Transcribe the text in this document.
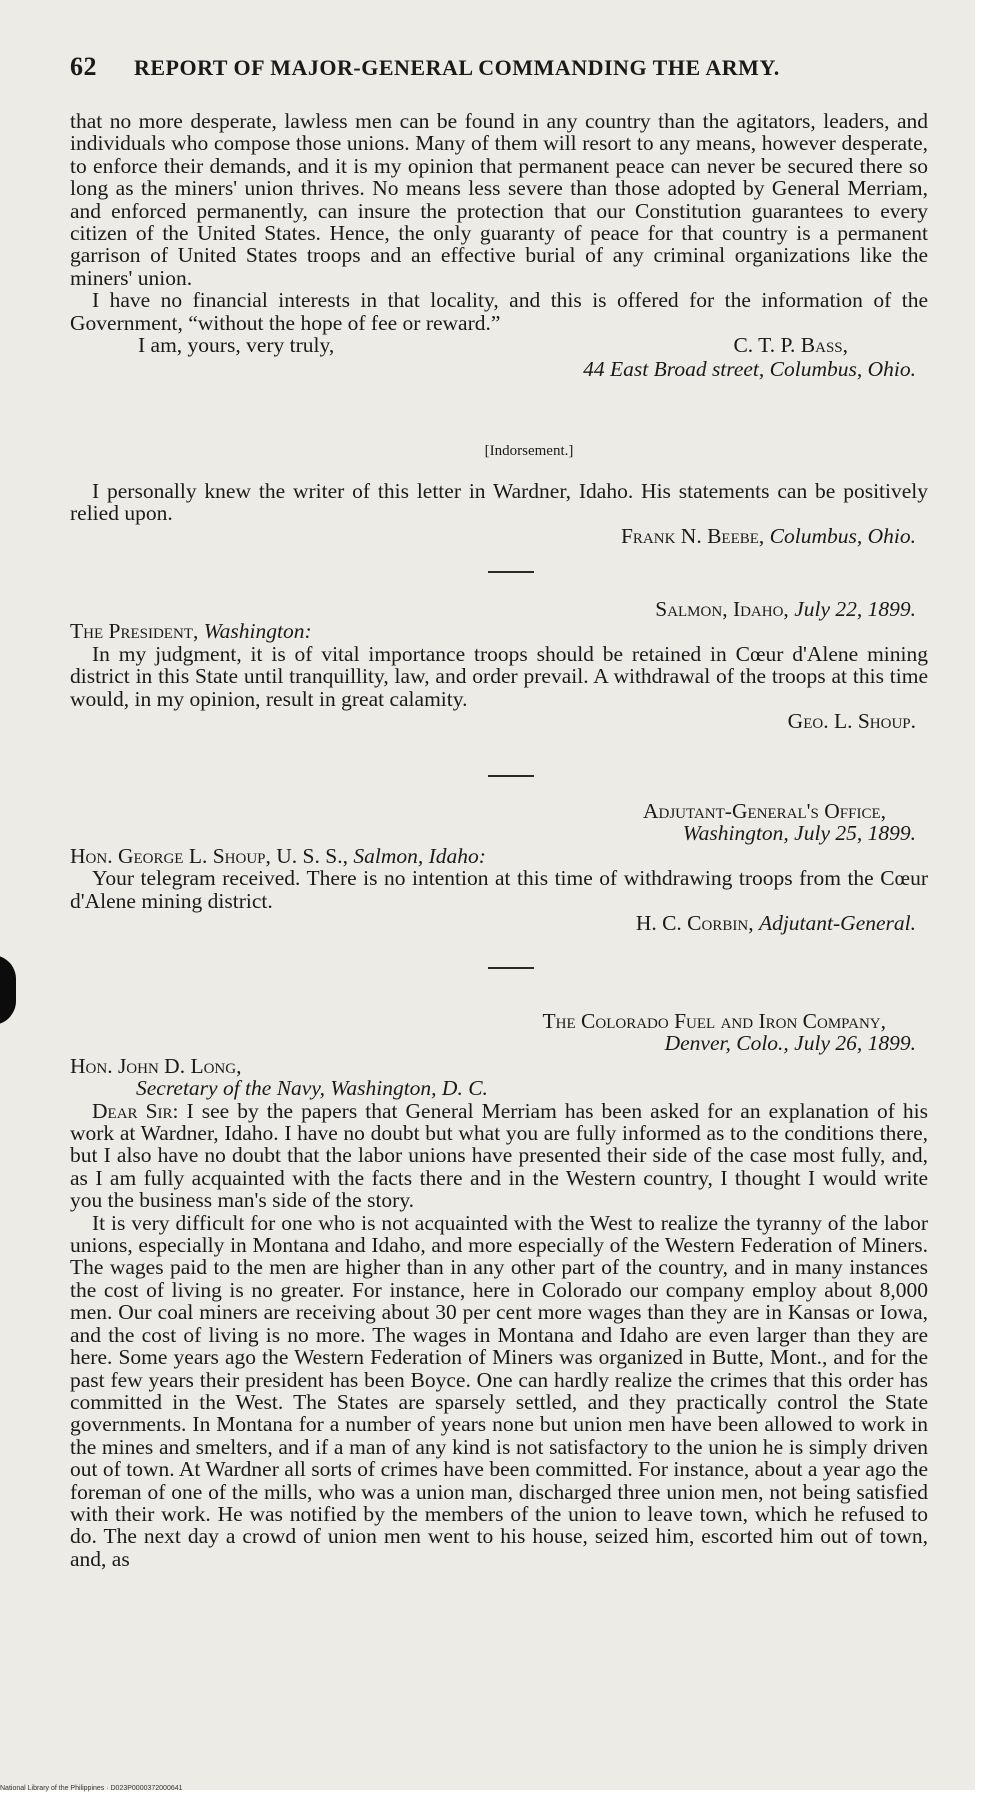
62 REPORT OF MAJOR-GENERAL COMMANDING THE ARMY.

that no more desperate, lawless men can be found in any country than the agitators, leaders, and individuals who compose those unions. Many of them will resort to any means, however desperate, to enforce their demands, and it is my opinion that permanent peace can never be secured there so long as the miners' union thrives. No means less severe than those adopted by General Merriam, and enforced permanently, can insure the protection that our Constitution guarantees to every citizen of the United States. Hence, the only guaranty of peace for that country is a permanent garrison of United States troops and an effective burial of any criminal organizations like the miners' union.

I have no financial interests in that locality, and this is offered for the information of the Government, “without the hope of fee or reward.”

I am, yours, very truly,	C. T. P. Bass,

44 East Broad street, Columbus, Ohio.

[Indorsement.]

I personally knew the writer of this letter in Wardner, Idaho. His statements can be positively relied upon.

Frank N. Beebe, Columbus, Ohio.

Salmon, Idaho, July 22, 1899.

The President, Washington:

In my judgment, it is of vital importance troops should be retained in Cœur d'Alene mining district in this State until tranquillity, law, and order prevail. A withdrawal of the troops at this time would, in my opinion, result in great calamity.

Geo. L. Shoup.

Adjutant-General's Office,

Washington, July 25, 1899.

Hon. George L. Shoup, U. S. S., Salmon, Idaho:

Your telegram received. There is no intention at this time of withdrawing troops from the Cœur d'Alene mining district.

H. C. Corbin, Adjutant-General.

The Colorado Fuel and Iron Company,

Denver, Colo., July 26, 1899.

Hon. John D. Long,

Secretary of the Navy, Washington, D. C.

Dear Sir: I see by the papers that General Merriam has been asked for an explanation of his work at Wardner, Idaho. I have no doubt but what you are fully informed as to the conditions there, but I also have no doubt that the labor unions have presented their side of the case most fully, and, as I am fully acquainted with the facts there and in the Western country, I thought I would write you the business man's side of the story.

It is very difficult for one who is not acquainted with the West to realize the tyranny of the labor unions, especially in Montana and Idaho, and more especially of the Western Federation of Miners. The wages paid to the men are higher than in any other part of the country, and in many instances the cost of living is no greater. For instance, here in Colorado our company employ about 8,000 men. Our coal miners are receiving about 30 per cent more wages than they are in Kansas or Iowa, and the cost of living is no more. The wages in Montana and Idaho are even larger than they are here. Some years ago the Western Federation of Miners was organized in Butte, Mont., and for the past few years their president has been Boyce. One can hardly realize the crimes that this order has committed in the West. The States are sparsely settled, and they practically control the State governments. In Montana for a number of years none but union men have been allowed to work in the mines and smelters, and if a man of any kind is not satisfactory to the union he is simply driven out of town. At Wardner all sorts of crimes have been committed. For instance, about a year ago the foreman of one of the mills, who was a union man, discharged three union men, not being satisfied with their work. He was notified by the members of the union to leave town, which he refused to do. The next day a crowd of union men went to his house, seized him, escorted him out of town, and, as

National Library of the Philippines · D023P0000372000641
